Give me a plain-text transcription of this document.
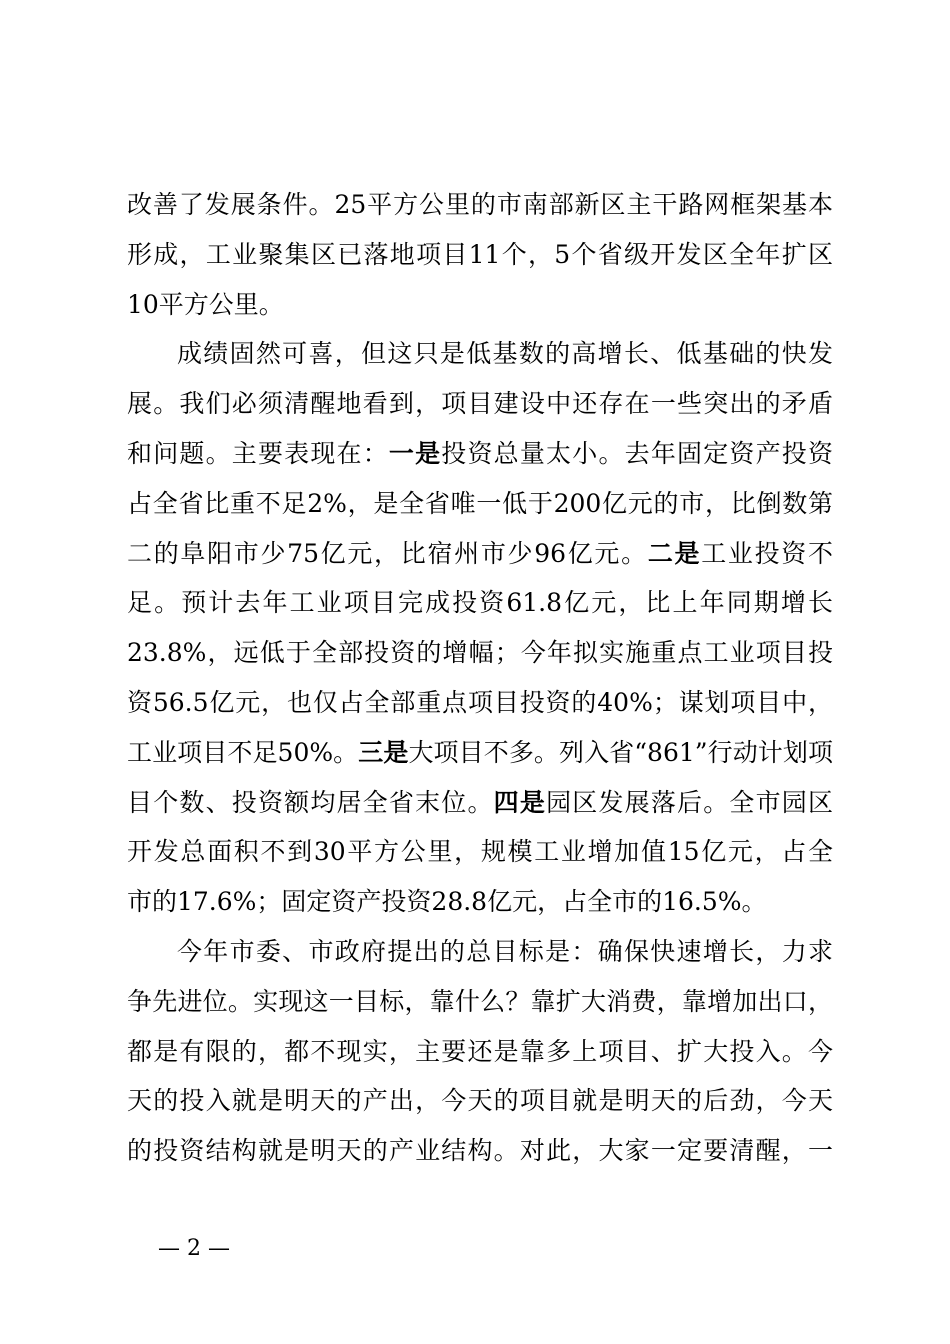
改善了发展条件。25平方公里的市南部新区主干路网框架基本
形成，工业聚集区已落地项目11个，5个省级开发区全年扩区
10平方公里。
成绩固然可喜，但这只是低基数的高增长、低基础的快发
展。我们必须清醒地看到，项目建设中还存在一些突出的矛盾
和问题。主要表现在：一是投资总量太小。去年固定资产投资
占全省比重不足2%，是全省唯一低于200亿元的市，比倒数第
二的阜阳市少75亿元，比宿州市少96亿元。二是工业投资不
足。预计去年工业项目完成投资61.8亿元，比上年同期增长
23.8%，远低于全部投资的增幅；今年拟实施重点工业项目投
资56.5亿元，也仅占全部重点项目投资的40%；谋划项目中，
工业项目不足50%。三是大项目不多。列入省“861”行动计划项
目个数、投资额均居全省末位。四是园区发展落后。全市园区
开发总面积不到30平方公里，规模工业增加值15亿元，占全
市的17.6%；固定资产投资28.8亿元，占全市的16.5%。
今年市委、市政府提出的总目标是：确保快速增长，力求
争先进位。实现这一目标，靠什么？靠扩大消费，靠增加出口，
都是有限的，都不现实，主要还是靠多上项目、扩大投入。今
天的投入就是明天的产出，今天的项目就是明天的后劲，今天
的投资结构就是明天的产业结构。对此，大家一定要清醒，一
— 2 —
